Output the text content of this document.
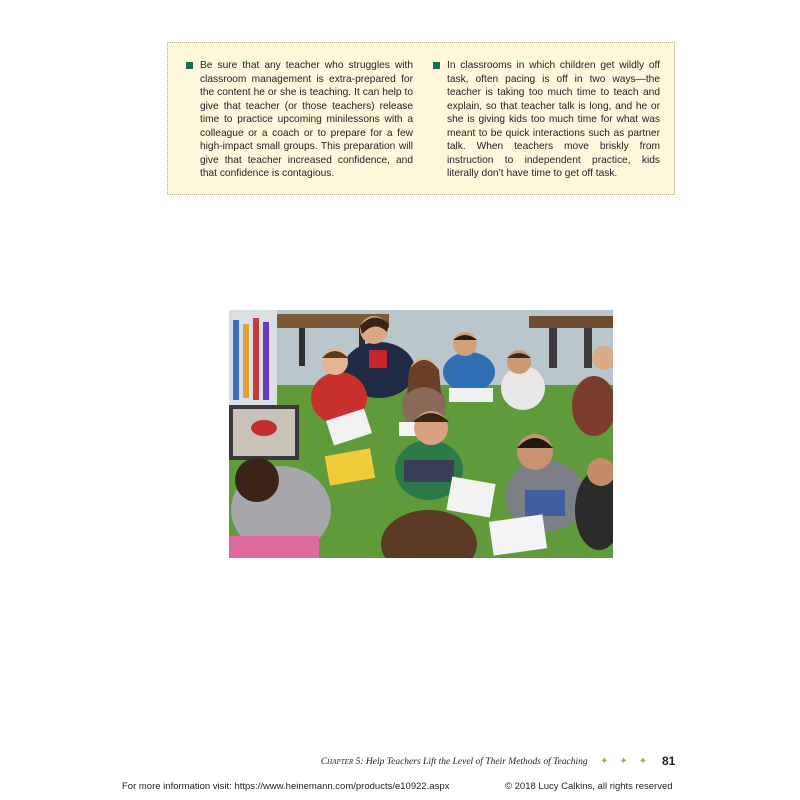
Be sure that any teacher who struggles with classroom management is extra-prepared for the content he or she is teaching. It can help to give that teacher (or those teachers) release time to practice upcoming minilessons with a colleague or a coach or to prepare for a few high-impact small groups. This preparation will give that teacher increased confidence, and that confidence is contagious.
In classrooms in which children get wildly off task, often pacing is off in two ways—the teacher is taking too much time to teach and explain, so that teacher talk is long, and he or she is giving kids too much time for what was meant to be quick interactions such as partner talk. When teachers move briskly from instruction to independent practice, kids literally don’t have time to get off task.
Chapter 5: Help Teachers Lift the Level of Their Methods of Teaching	✦✦✦ 81
For more information visit: https://www.heinemann.com/products/e10922.aspx	© 2018 Lucy Calkins, all rights reserved
